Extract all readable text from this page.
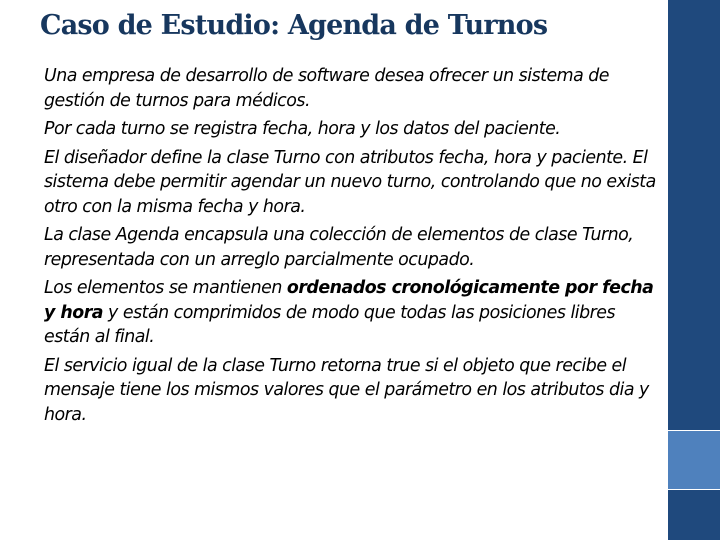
Caso de Estudio: Agenda de Turnos

Una empresa de desarrollo de software desea ofrecer un sistema de gestión de turnos para médicos.

Por cada turno se registra fecha, hora y los datos del paciente.

El diseñador define la clase Turno con atributos fecha, hora y paciente. El sistema debe permitir agendar un nuevo turno, controlando que no exista otro con la misma fecha y hora.

La clase Agenda encapsula una colección de elementos de clase Turno, representada con un arreglo parcialmente ocupado.

Los elementos se mantienen ordenados cronológicamente por fecha y hora y están comprimidos de modo que todas las posiciones libres están al final.

El servicio igual de la clase Turno retorna true si el objeto que recibe el mensaje tiene los mismos valores que el parámetro en los atributos dia y hora.
